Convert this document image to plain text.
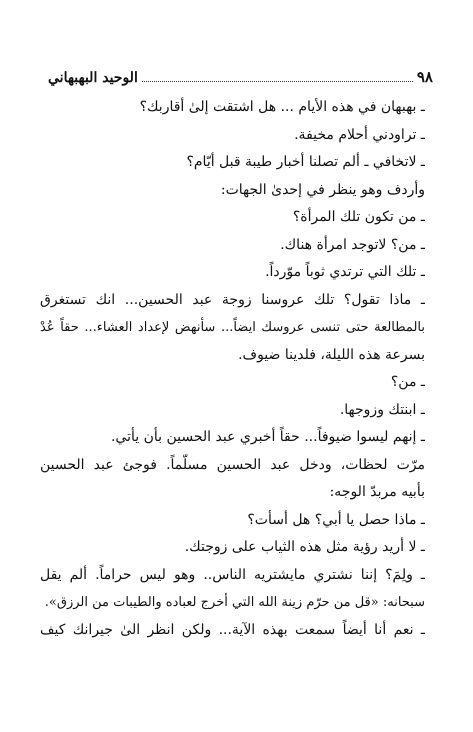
٩٨
الوحيد البهبهاني
ـ بهبهان في هذه الأيام ... هل اشتقت إلىٰ أقاربك؟
ـ تراودني أحلام مخيفة.
ـ لاتخافي ـ ألم تصلنا أخبار طيبة قبل أيّام؟
وأردف وهو ينظر في إحدىٰ الجهات:
ـ من تكون تلك المرأة؟
ـ من؟ لاتوجد امرأة هناك.
ـ تلك التي ترتدي ثوباً موّرداً.
ـ ماذا تقول؟ تلك عروسنا زوجة عبد الحسين... انك تستغرق
بالمطالعة حتى تنسى عروسك ايضاً... سأنهض لإعداد العشاء... حقاً عُدْ
بسرعة هذه الليلة، فلدينا ضيوف.
ـ من؟
ـ ابنتك وزوجها.
ـ إنهم ليسوا ضيوفاً... حقاً أخبري عبد الحسين بأن يأتي.
مرّت لحظات، ودخل عبد الحسين مسلّماً. فوجئ عبد الحسين
بأبيه مربدّ الوجه:
ـ ماذا حصل يا أبي؟ هل أسأت؟
ـ لا أريد رؤية مثل هذه الثياب على زوجتك.
ـ ولِمَ؟ إننا نشتري مايشتريه الناس.. وهو ليس حراماً. ألم يقل
سبحانه: «قل من حرّم زينة الله التي أخرج لعباده والطيبات من الرزق».
ـ نعم أنا أيضاً سمعت بهذه الآية... ولكن انظر الىٰ جيرانك كيف
